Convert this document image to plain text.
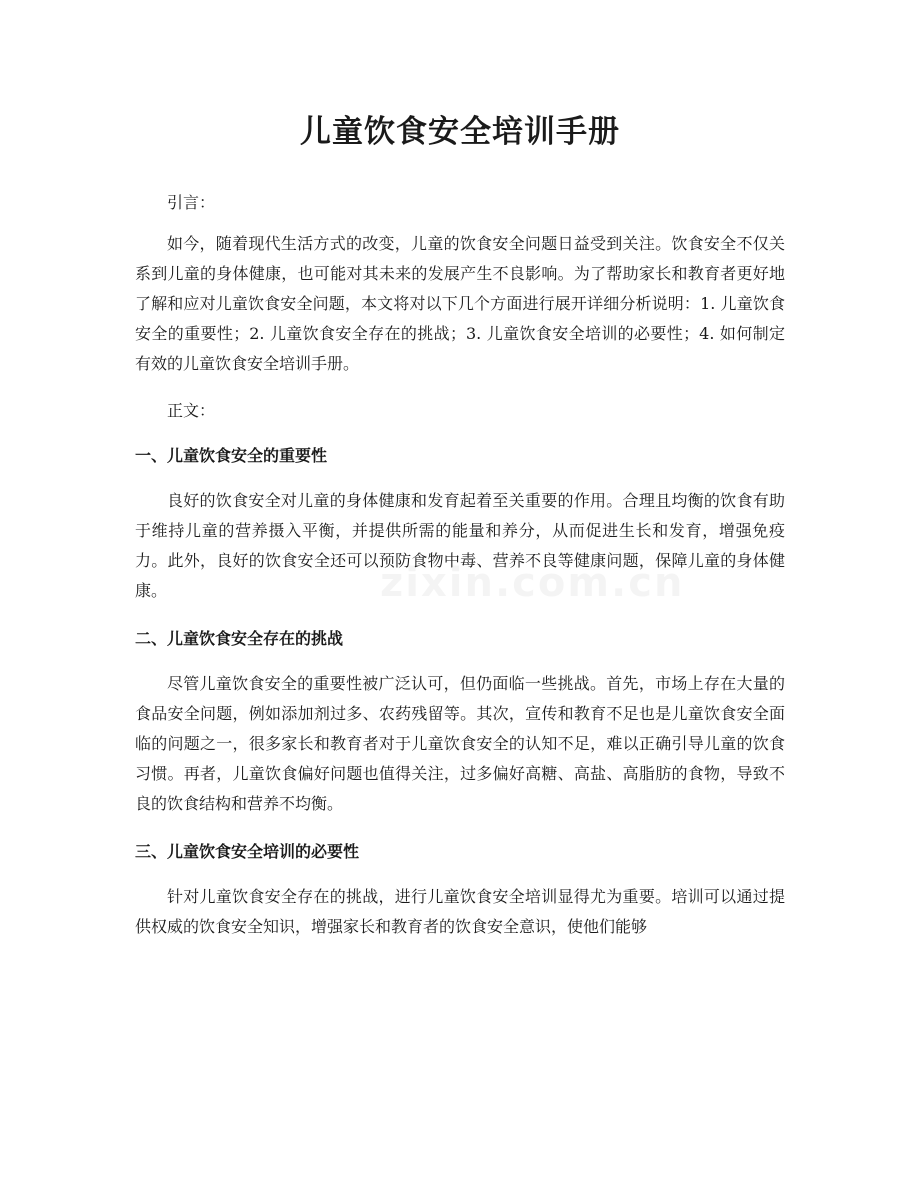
儿童饮食安全培训手册

引言：

如今，随着现代生活方式的改变，儿童的饮食安全问题日益受到关注。饮食安全不仅关系到儿童的身体健康，也可能对其未来的发展产生不良影响。为了帮助家长和教育者更好地了解和应对儿童饮食安全问题，本文将对以下几个方面进行展开详细分析说明：1. 儿童饮食安全的重要性；2. 儿童饮食安全存在的挑战；3. 儿童饮食安全培训的必要性；4. 如何制定有效的儿童饮食安全培训手册。

正文：

一、儿童饮食安全的重要性

良好的饮食安全对儿童的身体健康和发育起着至关重要的作用。合理且均衡的饮食有助于维持儿童的营养摄入平衡，并提供所需的能量和养分，从而促进生长和发育，增强免疫力。此外，良好的饮食安全还可以预防食物中毒、营养不良等健康问题，保障儿童的身体健康。

二、儿童饮食安全存在的挑战

尽管儿童饮食安全的重要性被广泛认可，但仍面临一些挑战。首先，市场上存在大量的食品安全问题，例如添加剂过多、农药残留等。其次，宣传和教育不足也是儿童饮食安全面临的问题之一，很多家长和教育者对于儿童饮食安全的认知不足，难以正确引导儿童的饮食习惯。再者，儿童饮食偏好问题也值得关注，过多偏好高糖、高盐、高脂肪的食物，导致不良的饮食结构和营养不均衡。

三、儿童饮食安全培训的必要性

针对儿童饮食安全存在的挑战，进行儿童饮食安全培训显得尤为重要。培训可以通过提供权威的饮食安全知识，增强家长和教育者的饮食安全意识，使他们能够
